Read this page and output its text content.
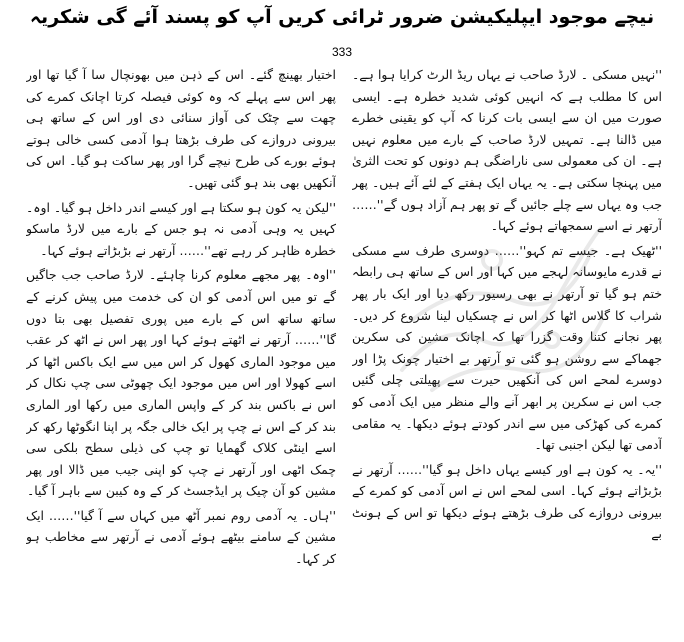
نیچے موجود ایپلیکیشن ضرور ٹرائی کریں آپ کو پسند آئے گی شکریہ
333

''نہیں مسکی ۔ لارڈ صاحب نے یہاں ریڈ الرٹ کرایا ہوا ہے۔ اس کا مطلب ہے کہ انہیں کوئی شدید خطرہ ہے۔ ایسی صورت میں ان سے ایسی بات کرنا کہ آپ کو یقینی خطرے میں ڈالنا ہے۔ تمہیں لارڈ صاحب کے بارے میں معلوم نہیں ہے۔ ان کی معمولی سی ناراضگی ہم دونوں کو تحت الثریٰ میں پہنچا سکتی ہے۔ یہ یہاں ایک ہفتے کے لئے آئے ہیں۔ پھر جب وہ یہاں سے چلے جائیں گے تو پھر ہم آزاد ہوں گے''…… آرتھر نے اسے سمجھاتے ہوئے کہا۔

''ٹھیک ہے۔ جیسے تم کہو''…… دوسری طرف سے مسکی نے قدرے مایوسانہ لہجے میں کہا اور اس کے ساتھ ہی رابطہ ختم ہو گیا تو آرتھر نے بھی رسیور رکھ دیا اور ایک بار پھر شراب کا گلاس اٹھا کر اس نے چسکیاں لینا شروع کر دیں۔ پھر نجانے کتنا وقت گزرا تھا کہ اچانک مشین کی سکرین جھماکے سے روشن ہو گئی تو آرتھر بے اختیار چونک پڑا اور دوسرے لمحے اس کی آنکھیں حیرت سے پھیلتی چلی گئیں جب اس نے سکرین پر ابھر آنے والے منظر میں ایک آدمی کو کمرے کی کھڑکی میں سے اندر کودتے ہوئے دیکھا۔ یہ مقامی آدمی تھا لیکن اجنبی تھا۔

''یہ۔ یہ کون ہے اور کیسے یہاں داخل ہو گیا''…… آرتھر نے بڑبڑاتے ہوئے کہا۔ اسی لمحے اس نے اس آدمی کو کمرے کے بیرونی دروازے کی طرف بڑھتے ہوئے دیکھا تو اس کے ہونٹ بے

اختیار بھینچ گئے۔ اس کے ذہن میں بھونچال سا آ گیا تھا اور پھر اس سے پہلے کہ وہ کوئی فیصلہ کرتا اچانک کمرے کی چھت سے چٹک کی آواز سنائی دی اور اس کے ساتھ ہی بیرونی دروازے کی طرف بڑھتا ہوا آدمی کسی خالی ہوتے ہوئے بورے کی طرح نیچے گرا اور پھر ساکت ہو گیا۔ اس کی آنکھیں بھی بند ہو گئی تھیں۔

''لیکن یہ کون ہو سکتا ہے اور کیسے اندر داخل ہو گیا۔ اوہ۔ کہیں یہ وہی آدمی نہ ہو جس کے بارے میں لارڈ ماسکو خطرہ ظاہر کر رہے تھے''…… آرتھر نے بڑبڑاتے ہوئے کہا۔

''اوہ۔ پھر مجھے معلوم کرنا چاہئے۔ لارڈ صاحب جب جاگیں گے تو میں اس آدمی کو ان کی خدمت میں پیش کرنے کے ساتھ ساتھ اس کے بارے میں پوری تفصیل بھی بتا دوں گا''…… آرتھر نے اٹھتے ہوئے کہا اور پھر اس نے اٹھ کر عقب میں موجود الماری کھول کر اس میں سے ایک باکس اٹھا کر اسے کھولا اور اس میں موجود ایک چھوٹی سی چپ نکال کر اس نے باکس بند کر کے واپس الماری میں رکھا اور الماری بند کر کے اس نے چپ پر ایک خالی جگہ پر اپنا انگوٹھا رکھ کر اسے اینٹی کلاک گھمایا تو چپ کی ذیلی سطح بلکی سی چمک اٹھی اور آرتھر نے چپ کو اپنی جیب میں ڈالا اور پھر مشین کو آن چیک پر ایڈجسٹ کر کے وہ کیبن سے باہر آ گیا۔

''ہاں۔ یہ آدمی روم نمبر آٹھ میں کہاں سے آ گیا''…… ایک مشین کے سامنے بیٹھے ہوئے آدمی نے آرتھر سے مخاطب ہو کر کہا۔
